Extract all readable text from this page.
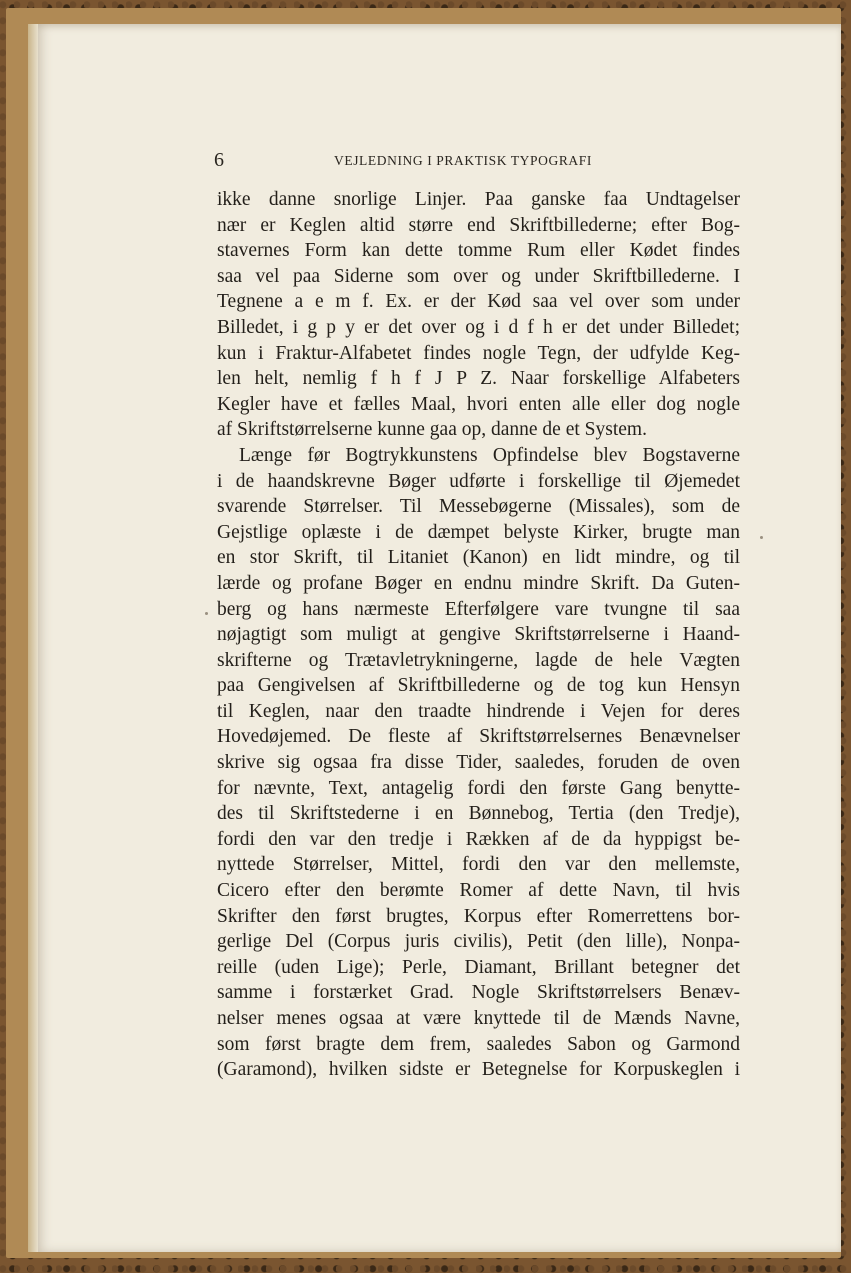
6	VEJLEDNING I PRAKTISK TYPOGRAFI
ikke danne snorlige Linjer. Paa ganske faa Undtagelser
nær er Keglen altid større end Skriftbillederne; efter Bog-
stavernes Form kan dette tomme Rum eller Kødet findes
saa vel paa Siderne som over og under Skriftbillederne. I
Tegnene a e m f. Ex. er der Kød saa vel over som under
Billedet, i g p y er det over og i d f h er det under Billedet;
kun i Fraktur-Alfabetet findes nogle Tegn, der udfylde Keg-
len helt, nemlig f h f J P Z. Naar forskellige Alfabeters
Kegler have et fælles Maal, hvori enten alle eller dog nogle
af Skriftstørrelserne kunne gaa op, danne de et System.
Længe før Bogtrykkunstens Opfindelse blev Bogstaverne
i de haandskrevne Bøger udførte i forskellige til Øjemedet
svarende Størrelser. Til Messebøgerne (Missales), som de
Gejstlige oplæste i de dæmpet belyste Kirker, brugte man
en stor Skrift, til Litaniet (Kanon) en lidt mindre, og til
lærde og profane Bøger en endnu mindre Skrift. Da Guten-
berg og hans nærmeste Efterfølgere vare tvungne til saa
nøjagtigt som muligt at gengive Skriftstørrelserne i Haand-
skrifterne og Trætavletrykningerne, lagde de hele Vægten
paa Gengivelsen af Skriftbillederne og de tog kun Hensyn
til Keglen, naar den traadte hindrende i Vejen for deres
Hovedøjemed. De fleste af Skriftstørrelsernes Benævnelser
skrive sig ogsaa fra disse Tider, saaledes, foruden de oven
for nævnte, Text, antagelig fordi den første Gang benytte-
des til Skriftstederne i en Bønnebog, Tertia (den Tredje),
fordi den var den tredje i Rækken af de da hyppigst be-
nyttede Størrelser, Mittel, fordi den var den mellemste,
Cicero efter den berømte Romer af dette Navn, til hvis
Skrifter den først brugtes, Korpus efter Romerrettens bor-
gerlige Del (Corpus juris civilis), Petit (den lille), Nonpa-
reille (uden Lige); Perle, Diamant, Brillant betegner det
samme i forstærket Grad. Nogle Skriftstørrelsers Benæv-
nelser menes ogsaa at være knyttede til de Mænds Navne,
som først bragte dem frem, saaledes Sabon og Garmond
(Garamond), hvilken sidste er Betegnelse for Korpuskeglen i
